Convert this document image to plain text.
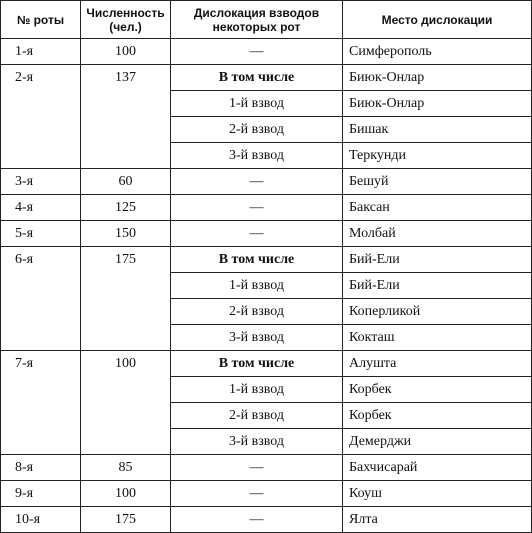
№ роты	Численность (чел.)	Дислокация взводов некоторых рот	Место дислокации
1-я	100	—	Симферополь
2-я	137	В том числе	Биюк-Онлар
		1-й взвод	Биюк-Онлар
		2-й взвод	Бишак
		3-й взвод	Теркунди
3-я	60	—	Бешуй
4-я	125	—	Баксан
5-я	150	—	Молбай
6-я	175	В том числе	Бий-Ели
		1-й взвод	Бий-Ели
		2-й взвод	Коперликой
		3-й взвод	Кокташ
7-я	100	В том числе	Алушта
		1-й взвод	Корбек
		2-й взвод	Корбек
		3-й взвод	Демерджи
8-я	85	—	Бахчисарай
9-я	100	—	Коуш
10-я	175	—	Ялта
